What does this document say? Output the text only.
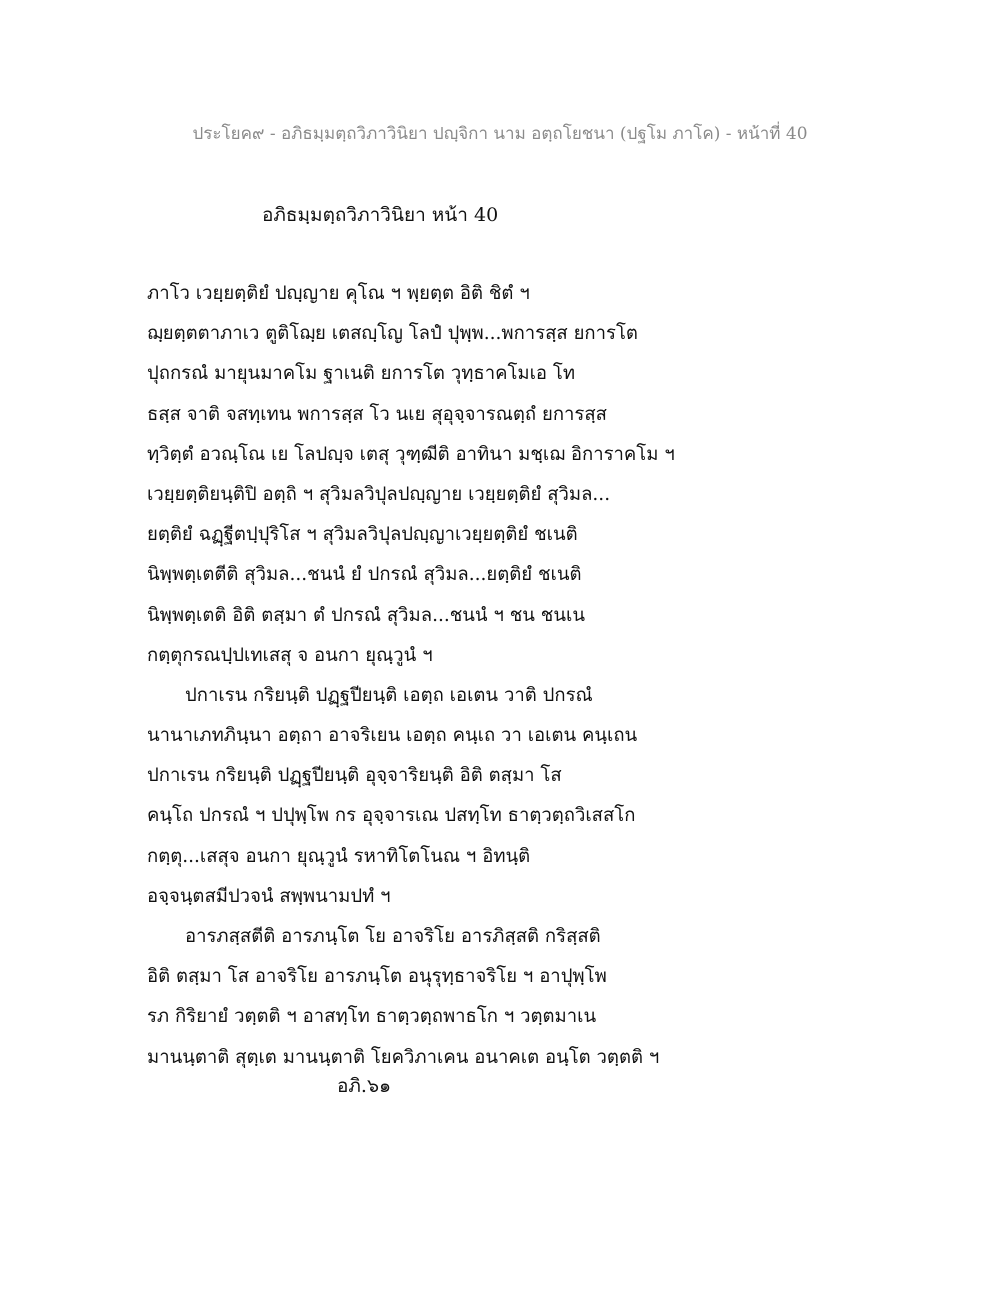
ประโยค๙ - อภิธมฺมตฺถวิภาวินิยา ปญฺจิกา นาม อตฺถโยชนา (ปฐโม ภาโค) - หน้าที่ 40
อภิธมฺมตฺถวิภาวินิยา หน้า 40
ภาโว เวยฺยตฺติยํ ปญฺญาย คุโณ ฯ พฺยตฺต อิติ ชิตํ ฯ
ฌฺยตฺตตาภาเว ตูติโฌฺย เตสญฺโญ โลปํ ปุพฺพ...พการสฺส ยการโต
ปุถกรณํ มายุนมาคโม ฐาเนติ ยการโต วุทฺธาคโมเอ โท
ธสฺส จาติ จสทฺเทน พการสฺส โว นเย สุอุจฺจารณตฺถํ ยการสฺส
ทฺวิตฺตํ อวณฺโณ เย โลปญฺจ เตสุ วุฑฺฒีติ อาทินา มชฺเฌ อิการาคโม ฯ
เวยฺยตฺติยนฺติปิ อตฺถิ ฯ สุวิมลวิปุลปญฺญาย เวยฺยตฺติยํ สุวิมล...
ยตฺติยํ ฉฏฺฐีตปฺปุริโส ฯ สุวิมลวิปุลปญฺญาเวยฺยตฺติยํ ชเนติ
นิพฺพตฺเตตีติ สุวิมล...ชนนํ ยํ ปกรณํ สุวิมล...ยตฺติยํ ชเนติ
นิพฺพตฺเตติ อิติ ตสฺมา ตํ ปกรณํ สุวิมล...ชนนํ ฯ ชน ชนเน
กตฺตุกรณปฺปเทเสสุ จ อนกา ยุณฺวูนํ ฯ
ปกาเรน กริยนฺติ ปฏฺฐปียนฺติ เอตฺถ เอเตน วาติ ปกรณํ
นานาเภทภินฺนา อตฺถา อาจริเยน เอตฺถ คนฺเถ วา เอเตน คนฺเถน
ปกาเรน กริยนฺติ ปฏฺฐปียนฺติ อุจฺจาริยนฺติ อิติ ตสฺมา โส
คนฺโถ ปกรณํ ฯ ปปุพฺโพ กร อุจฺจารเณ ปสทฺโท ธาตฺวตฺถวิเสสโก
กตฺตุ...เสสุจ อนกา ยุณฺวูนํ รหาทิโตโนณ ฯ อิทนฺติ
อจฺจนฺตสมีปวจนํ สพฺพนามปทํ ฯ
อารภสฺสตีติ อารภนฺโต โย อาจริโย อารภิสฺสติ กริสฺสติ
อิติ ตสฺมา โส อาจริโย อารภนฺโต อนุรุทฺธาจริโย ฯ อาปุพฺโพ
รภ กิริยายํ วตฺตติ ฯ อาสทฺโท ธาตฺวตฺถพาธโก ฯ วตฺตมาเน
มานนฺตาติ สุตฺเต มานนฺตาติ โยควิภาเคน อนาคเต อนฺโต วตฺตติ ฯ
อภิ.๖๑
